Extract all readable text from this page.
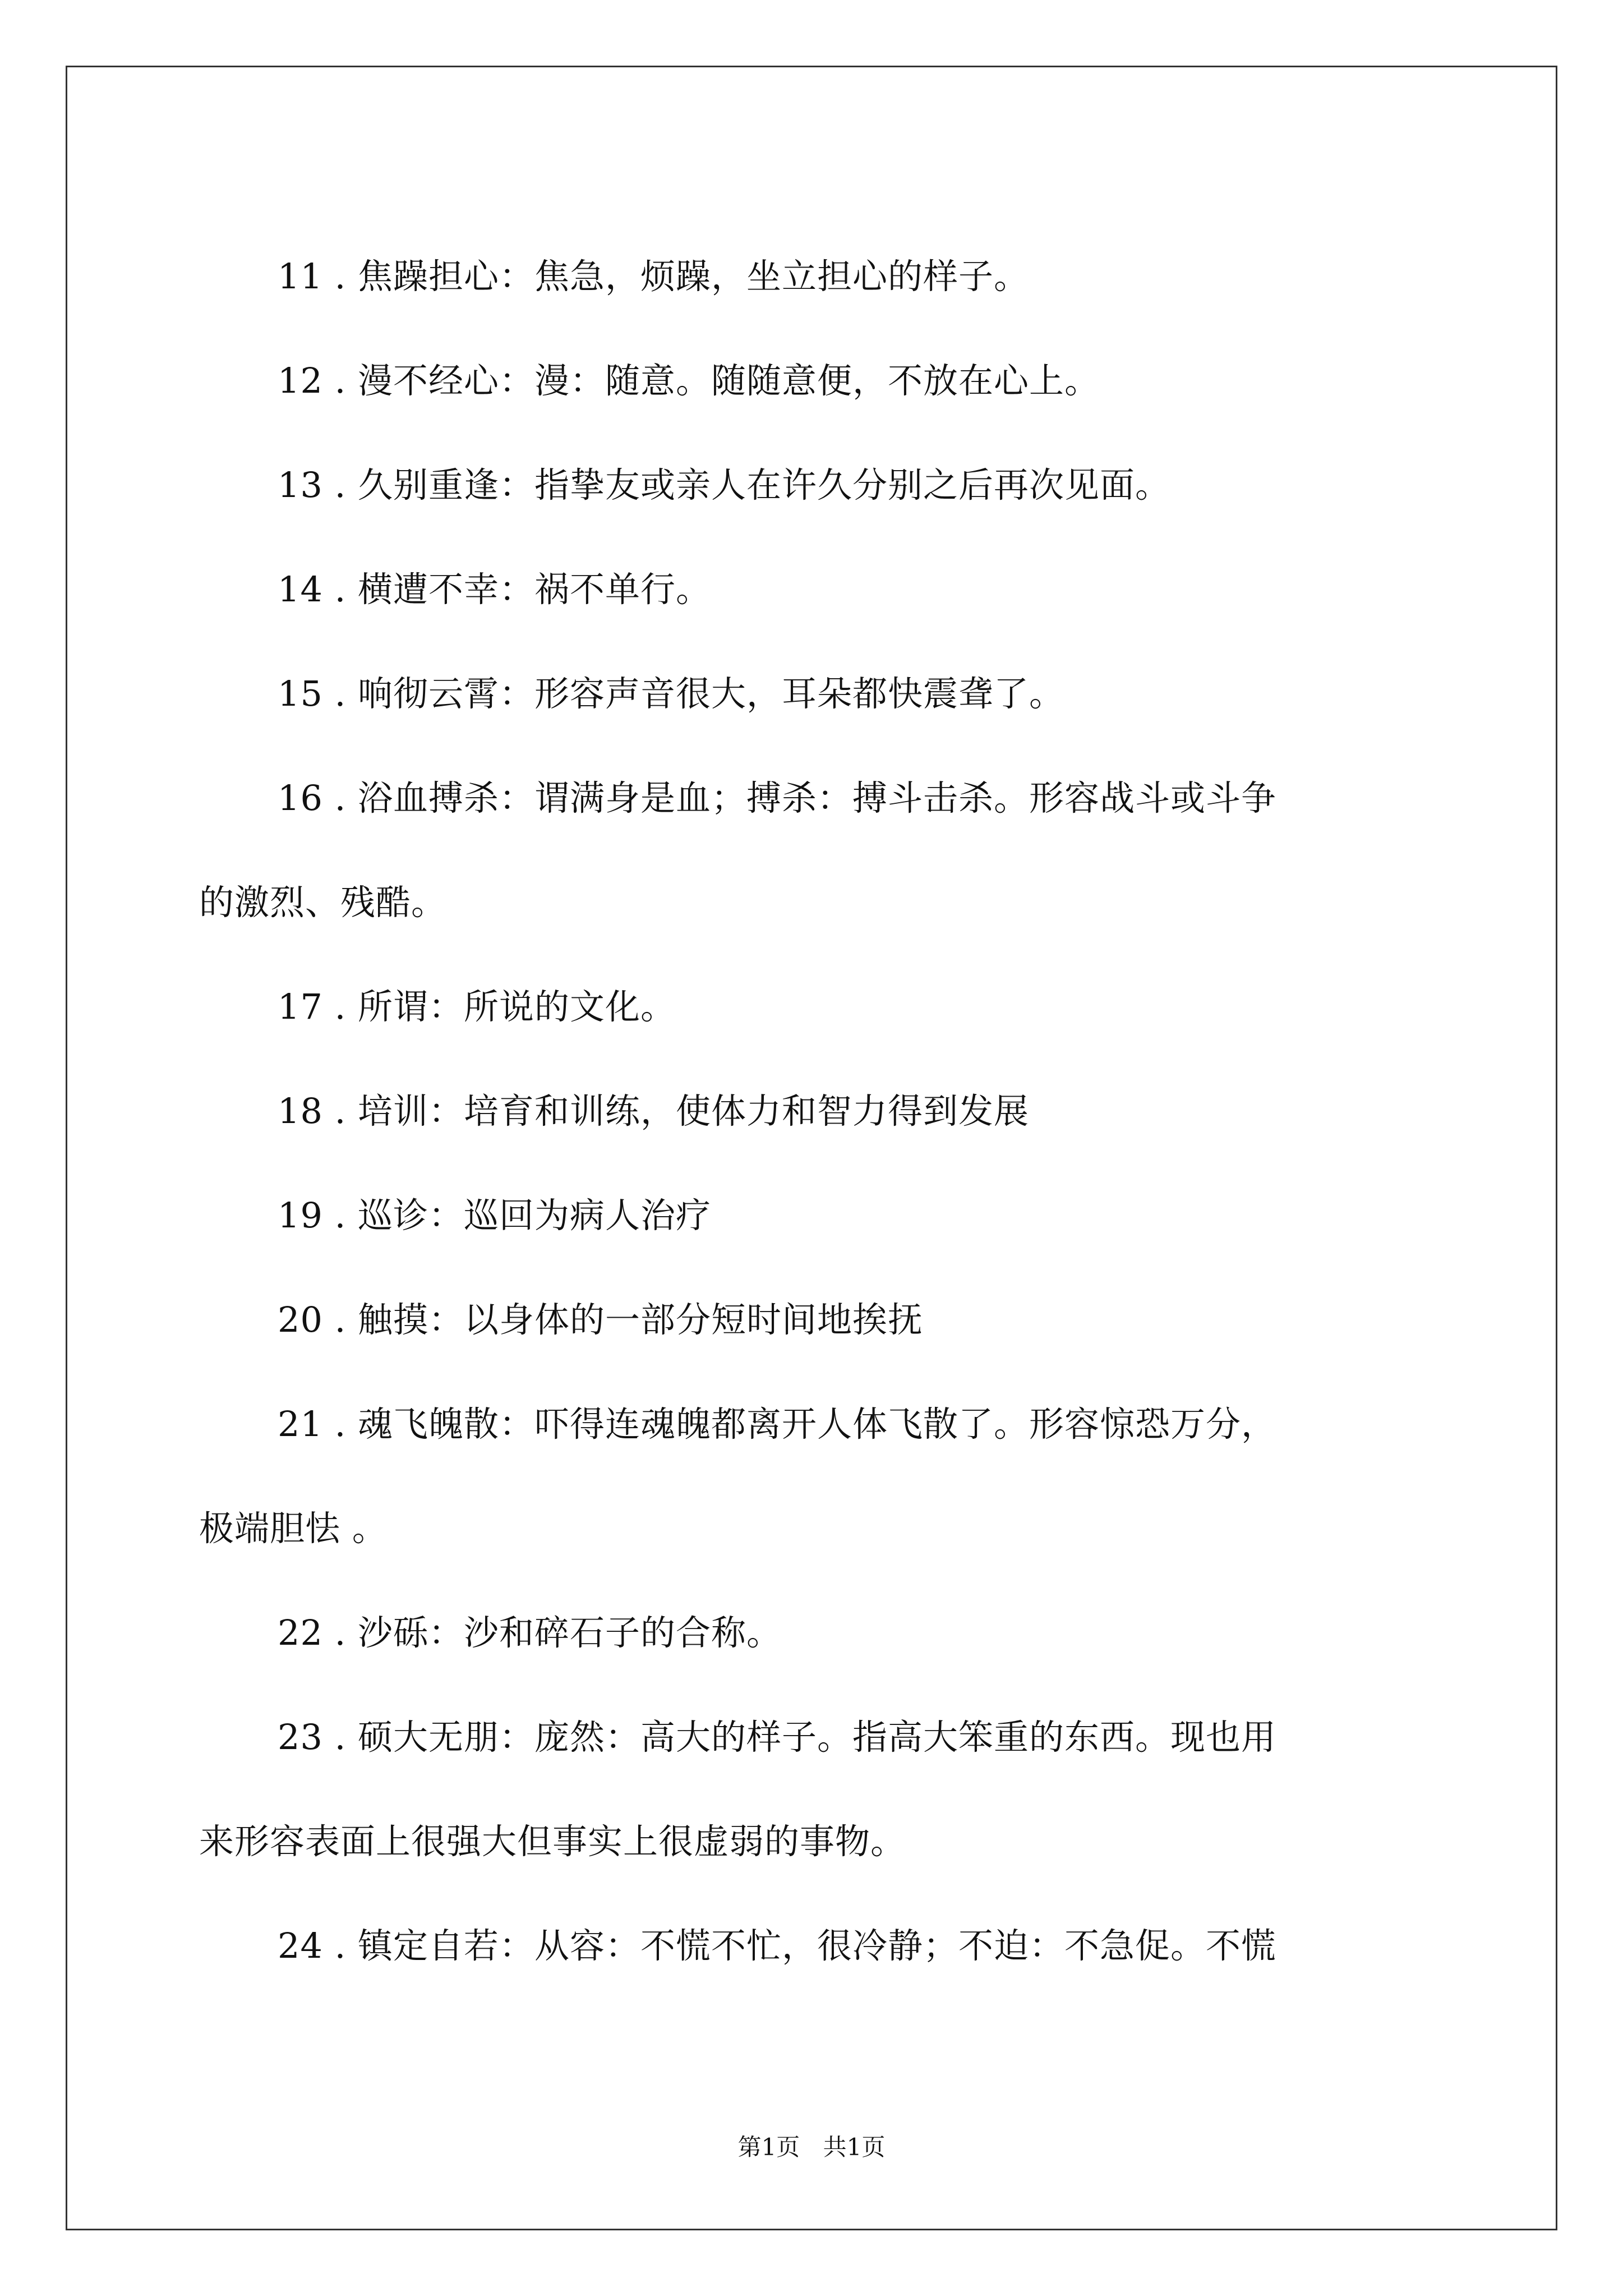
11 . 焦躁担心：焦急，烦躁，坐立担心的样子。

12 . 漫不经心：漫：随意。随随意便，不放在心上。

13 . 久别重逢：指挚友或亲人在许久分别之后再次见面。

14 . 横遭不幸：祸不单行。

15 . 响彻云霄：形容声音很大，耳朵都快震聋了。

16 . 浴血搏杀：谓满身是血；搏杀：搏斗击杀。形容战斗或斗争
的激烈、残酷。

17 . 所谓：所说的文化。

18 . 培训：培育和训练，使体力和智力得到发展

19 . 巡诊：巡回为病人治疗

20 . 触摸：以身体的一部分短时间地挨抚

21 . 魂飞魄散：吓得连魂魄都离开人体飞散了。形容惊恐万分，
极端胆怯 。

22 . 沙砾：沙和碎石子的合称。

23 . 硕大无朋：庞然：高大的样子。指高大笨重的东西。现也用
来形容表面上很强大但事实上很虚弱的事物。

24 . 镇定自若：从容：不慌不忙，很冷静；不迫：不急促。不慌

第1页 共1页
